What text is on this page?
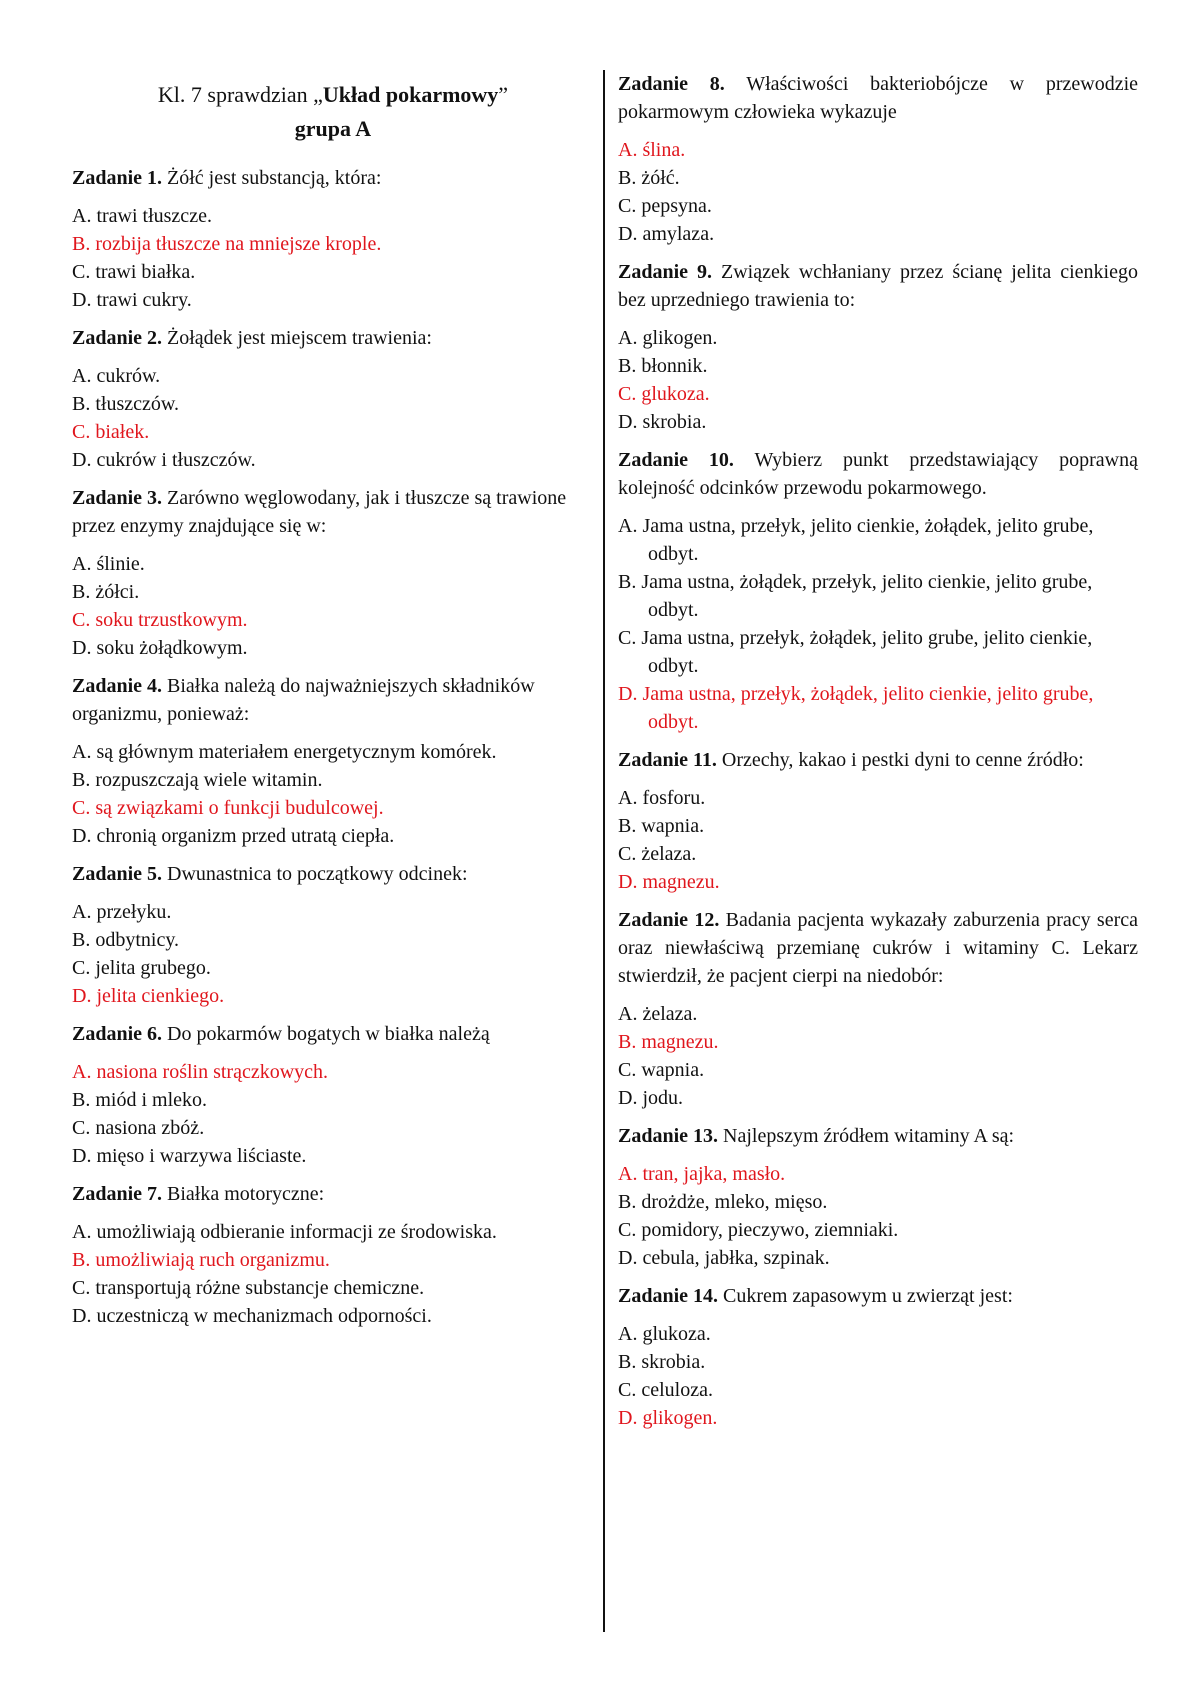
Kl. 7 sprawdzian „Układ pokarmowy”
grupa A

Zadanie 1. Żółć jest substancją, która:

A. trawi tłuszcze.
B. rozbija tłuszcze na mniejsze krople.
C. trawi białka.
D. trawi cukry.

Zadanie 2. Żołądek jest miejscem trawienia:

A. cukrów.
B. tłuszczów.
C. białek.
D. cukrów i tłuszczów.

Zadanie 3. Zarówno węglowodany, jak i tłuszcze są trawione przez enzymy znajdujące się w:

A. ślinie.
B. żółci.
C. soku trzustkowym.
D. soku żołądkowym.

Zadanie 4. Białka należą do najważniejszych składników organizmu, ponieważ:

A. są głównym materiałem energetycznym komórek.
B. rozpuszczają wiele witamin.
C. są związkami o funkcji budulcowej.
D. chronią organizm przed utratą ciepła.

Zadanie 5. Dwunastnica to początkowy odcinek:

A. przełyku.
B. odbytnicy.
C. jelita grubego.
D. jelita cienkiego.

Zadanie 6. Do pokarmów bogatych w białka należą

A. nasiona roślin strączkowych.
B. miód i mleko.
C. nasiona zbóż.
D. mięso i warzywa liściaste.

Zadanie 7. Białka motoryczne:

A. umożliwiają odbieranie informacji ze środowiska.
B. umożliwiają ruch organizmu.
C. transportują różne substancje chemiczne.
D. uczestniczą w mechanizmach odporności.

Zadanie 8. Właściwości bakteriobójcze w przewodzie pokarmowym człowieka wykazuje

A. ślina.
B. żółć.
C. pepsyna.
D. amylaza.

Zadanie 9. Związek wchłaniany przez ścianę jelita cienkiego bez uprzedniego trawienia to:

A. glikogen.
B. błonnik.
C. glukoza.
D. skrobia.

Zadanie 10. Wybierz punkt przedstawiający poprawną kolejność odcinków przewodu pokarmowego.

A. Jama ustna, przełyk, jelito cienkie, żołądek, jelito grube, odbyt.
B. Jama ustna, żołądek, przełyk, jelito cienkie, jelito grube, odbyt.
C. Jama ustna, przełyk, żołądek, jelito grube, jelito cienkie, odbyt.
D. Jama ustna, przełyk, żołądek, jelito cienkie, jelito grube, odbyt.

Zadanie 11. Orzechy, kakao i pestki dyni to cenne źródło:

A. fosforu.
B. wapnia.
C. żelaza.
D. magnezu.

Zadanie 12. Badania pacjenta wykazały zaburzenia pracy serca oraz niewłaściwą przemianę cukrów i witaminy C. Lekarz stwierdził, że pacjent cierpi na niedobór:

A. żelaza.
B. magnezu.
C. wapnia.
D. jodu.

Zadanie 13. Najlepszym źródłem witaminy A są:

A. tran, jajka, masło.
B. drożdże, mleko, mięso.
C. pomidory, pieczywo, ziemniaki.
D. cebula, jabłka, szpinak.

Zadanie 14. Cukrem zapasowym u zwierząt jest:

A. glukoza.
B. skrobia.
C. celuloza.
D. glikogen.
